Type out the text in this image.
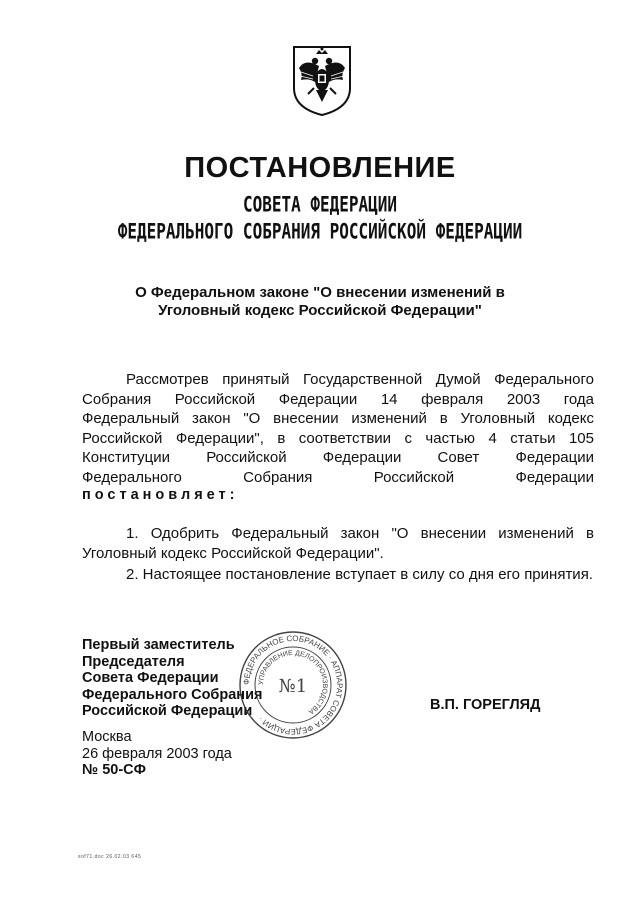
ПОСТАНОВЛЕНИЕ
СОВЕТА ФЕДЕРАЦИИ
ФЕДЕРАЛЬНОГО СОБРАНИЯ РОССИЙСКОЙ ФЕДЕРАЦИИ
О Федеральном законе "О внесении изменений в
Уголовный кодекс Российской Федерации"
Рассмотрев принятый Государственной Думой Федерального
Собрания Российской Федерации 14 февраля 2003 года
Федеральный закон "О внесении изменений в Уголовный кодекс
Российской Федерации", в соответствии с частью 4 статьи 105
Конституции Российской Федерации Совет Федерации
Федерального Собрания Российской Федерации
постановляет:

1. Одобрить Федеральный закон "О внесении изменений в Уголовный кодекс Российской Федерации".

2. Настоящее постановление вступает в силу со дня его принятия.

Первый заместитель
Председателя
Совета Федерации
Федерального Собрания
Российской Федерации
ФЕДЕРАЛЬНОЕ СОБРАНИЕ · АППАРАТ СОВЕТА ФЕДЕРАЦИИ ·
УПРАВЛЕНИЕ ДЕЛОПРОИЗВОДСТВА
№1
В.П. ГОРЕГЛЯД
Москва
26 февраля 2003 года
№ 50-СФ
sof71.doc 26.02.03 645
